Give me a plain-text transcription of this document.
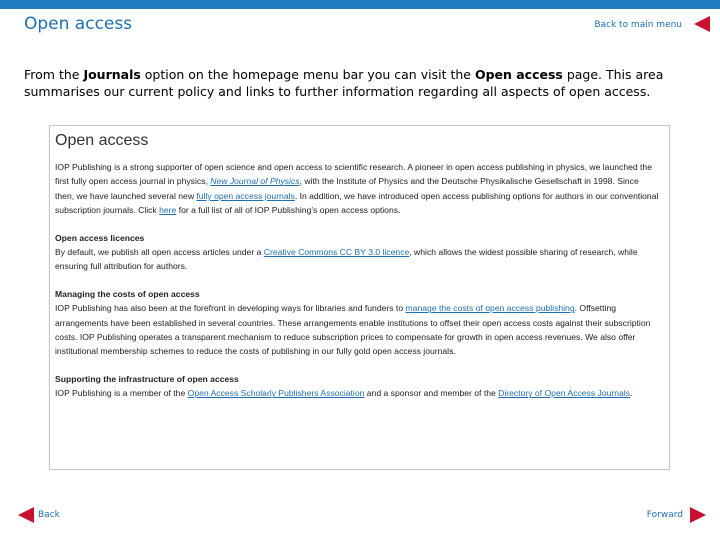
Open access	Back to main menu
From the Journals option on the homepage menu bar you can visit the Open access page. This area summarises our current policy and links to further information regarding all aspects of open access.
Open access

IOP Publishing is a strong supporter of open science and open access to scientific research. A pioneer in open access publishing in physics, we launched the first fully open access journal in physics, New Journal of Physics, with the Institute of Physics and the Deutsche Physikalische Gesellschaft in 1998. Since then, we have launched several new fully open access journals. In addition, we have introduced open access publishing options for authors in our conventional subscription journals. Click here for a full list of all of IOP Publishing's open access options.

Open access licences
By default, we publish all open access articles under a Creative Commons CC BY 3.0 licence, which allows the widest possible sharing of research, while ensuring full attribution for authors.

Managing the costs of open access
IOP Publishing has also been at the forefront in developing ways for libraries and funders to manage the costs of open access publishing. Offsetting arrangements have been established in several countries. These arrangements enable institutions to offset their open access costs against their subscription costs. IOP Publishing operates a transparent mechanism to reduce subscription prices to compensate for growth in open access revenues. We also offer institutional membership schemes to reduce the costs of publishing in our fully gold open access journals.

Supporting the infrastructure of open access
IOP Publishing is a member of the Open Access Scholarly Publishers Association and a sponsor and member of the Directory of Open Access Journals.

Back	Forward
